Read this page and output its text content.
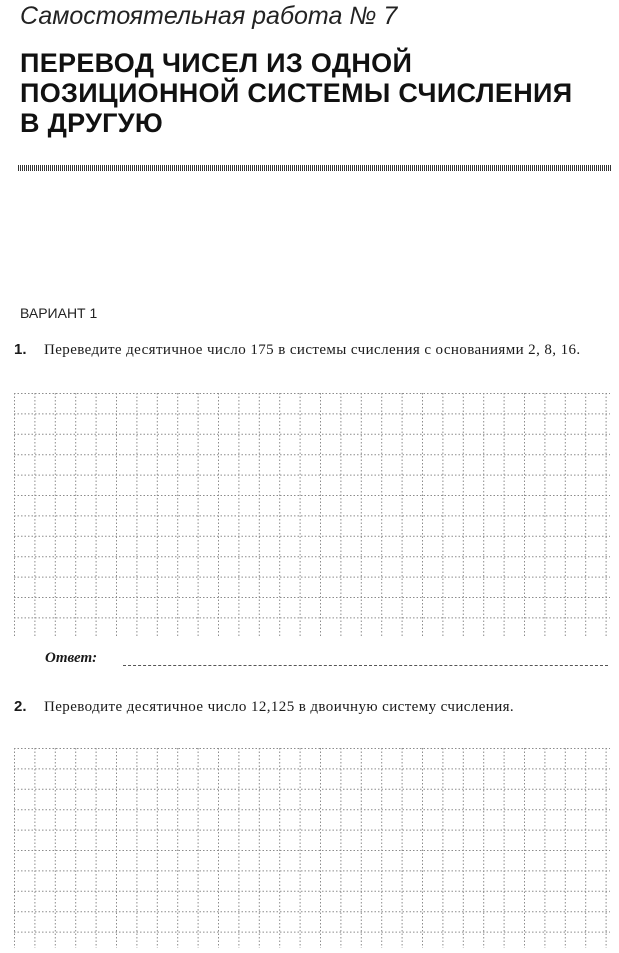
Самостоятельная работа № 7
ПЕРЕВОД ЧИСЕЛ ИЗ ОДНОЙ
ПОЗИЦИОННОЙ СИСТЕМЫ СЧИСЛЕНИЯ
В ДРУГУЮ
ВАРИАНТ 1
1. Переведите десятичное число 175 в системы счисления с основаниями 2, 8, 16.
Ответ:
2. Переводите десятичное число 12,125 в двоичную систему счисления.
